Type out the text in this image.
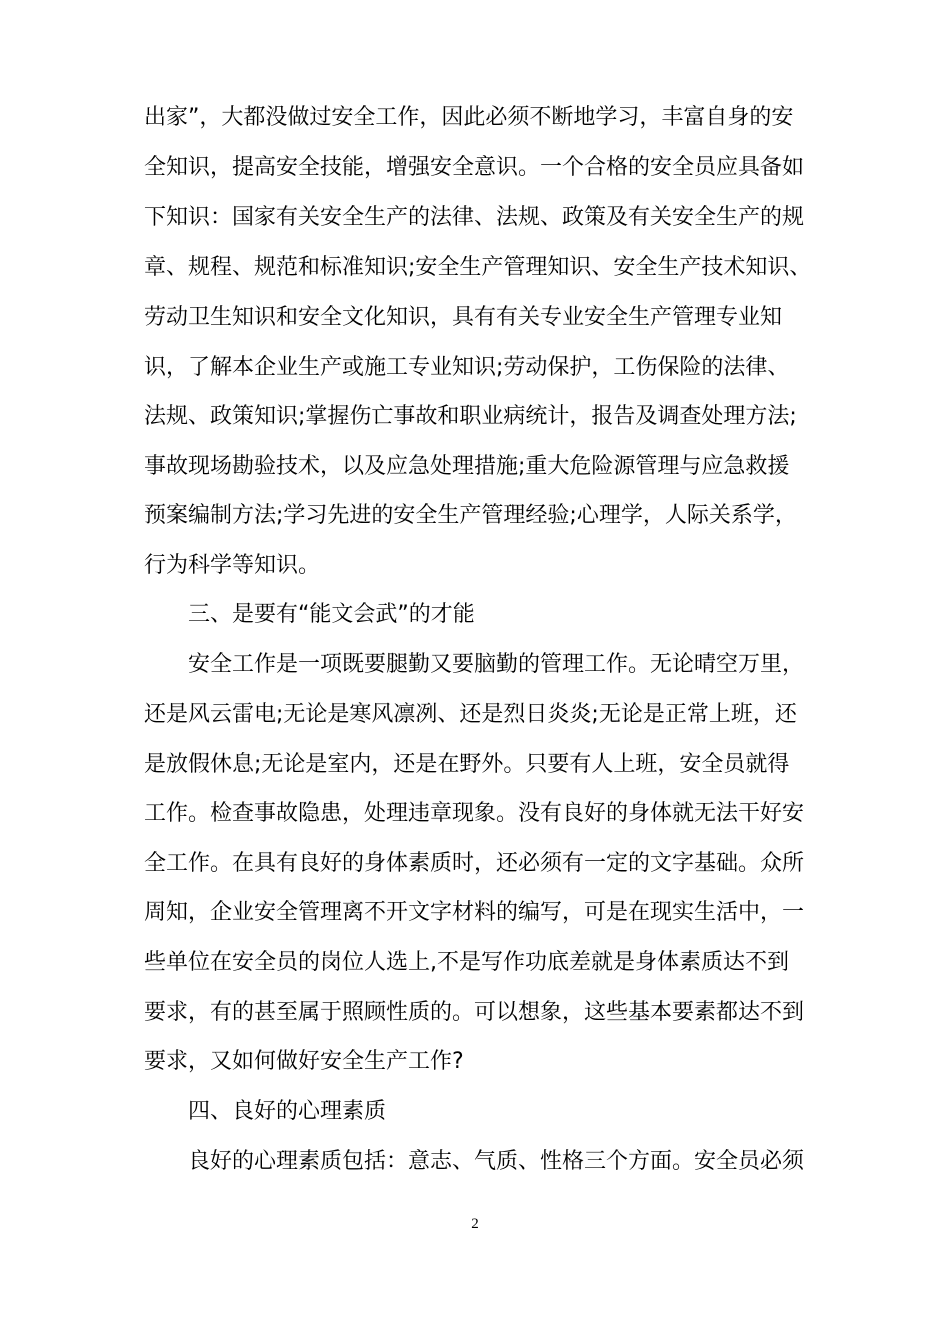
出家”，大都没做过安全工作，因此必须不断地学习，丰富自身的安
全知识，提高安全技能，增强安全意识。一个合格的安全员应具备如
下知识：国家有关安全生产的法律、法规、政策及有关安全生产的规
章、规程、规范和标准知识;安全生产管理知识、安全生产技术知识、
劳动卫生知识和安全文化知识，具有有关专业安全生产管理专业知
识，了解本企业生产或施工专业知识;劳动保护，工伤保险的法律、
法规、政策知识;掌握伤亡事故和职业病统计，报告及调查处理方法;
事故现场勘验技术，以及应急处理措施;重大危险源管理与应急救援
预案编制方法;学习先进的安全生产管理经验;心理学，人际关系学，
行为科学等知识。
三、是要有“能文会武”的才能
安全工作是一项既要腿勤又要脑勤的管理工作。无论晴空万里，
还是风云雷电;无论是寒风凛冽、还是烈日炎炎;无论是正常上班，还
是放假休息;无论是室内，还是在野外。只要有人上班，安全员就得
工作。检查事故隐患，处理违章现象。没有良好的身体就无法干好安
全工作。在具有良好的身体素质时，还必须有一定的文字基础。众所
周知，企业安全管理离不开文字材料的编写，可是在现实生活中，一
些单位在安全员的岗位人选上,不是写作功底差就是身体素质达不到
要求，有的甚至属于照顾性质的。可以想象，这些基本要素都达不到
要求，又如何做好安全生产工作?
四、良好的心理素质
良好的心理素质包括：意志、气质、性格三个方面。安全员必须
2
